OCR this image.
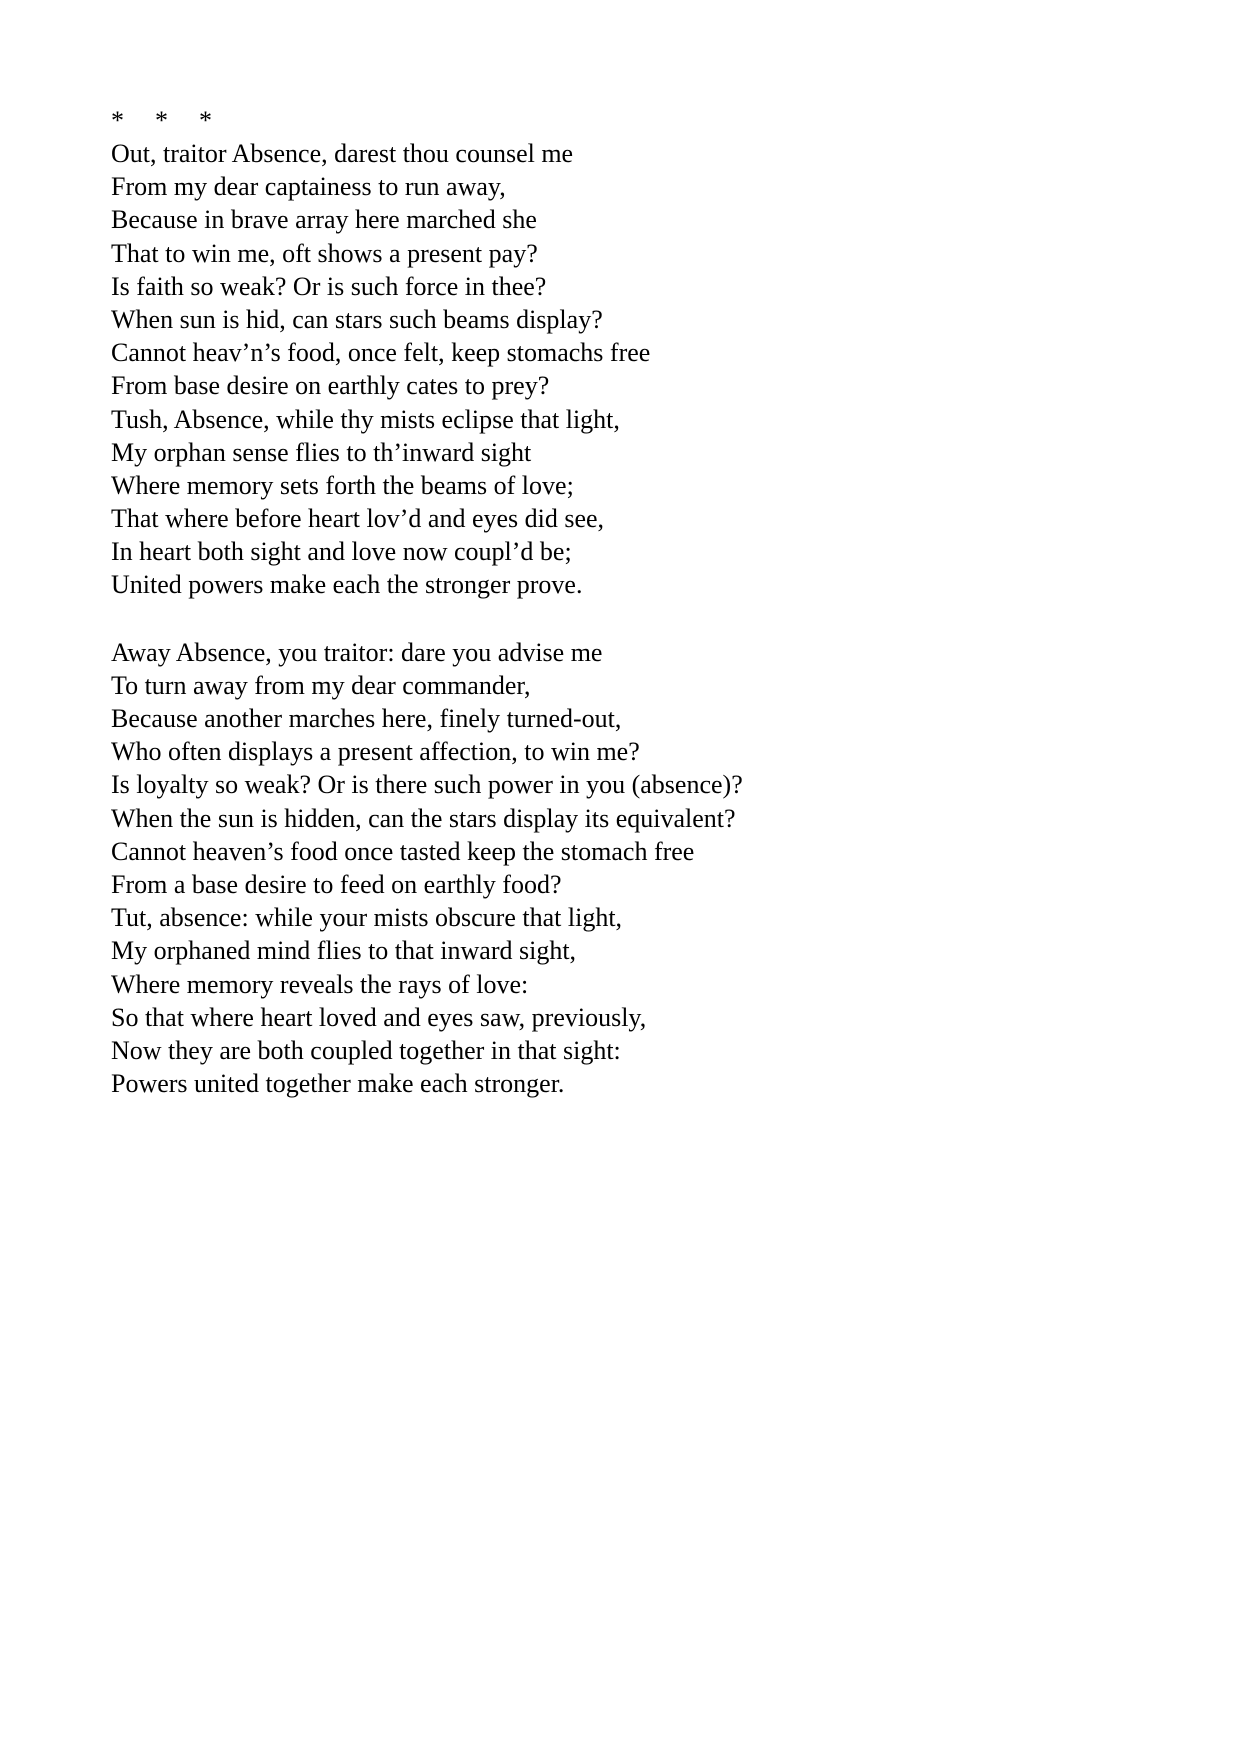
*  *  *
Out, traitor Absence, darest thou counsel me
From my dear captainess to run away,
Because in brave array here marched she
That to win me, oft shows a present pay?
Is faith so weak? Or is such force in thee?
When sun is hid, can stars such beams display?
Cannot heav’n’s food, once felt, keep stomachs free
From base desire on earthly cates to prey?
Tush, Absence, while thy mists eclipse that light,
My orphan sense flies to th’inward sight
Where memory sets forth the beams of love;
That where before heart lov’d and eyes did see,
In heart both sight and love now coupl’d be;
United powers make each the stronger prove.
Away Absence, you traitor: dare you advise me
To turn away from my dear commander,
Because another marches here, finely turned-out,
Who often displays a present affection, to win me?
Is loyalty so weak? Or is there such power in you (absence)?
When the sun is hidden, can the stars display its equivalent?
Cannot heaven’s food once tasted keep the stomach free
From a base desire to feed on earthly food?
Tut, absence: while your mists obscure that light,
My orphaned mind flies to that inward sight,
Where memory reveals the rays of love:
So that where heart loved and eyes saw, previously,
Now they are both coupled together in that sight:
Powers united together make each stronger.
